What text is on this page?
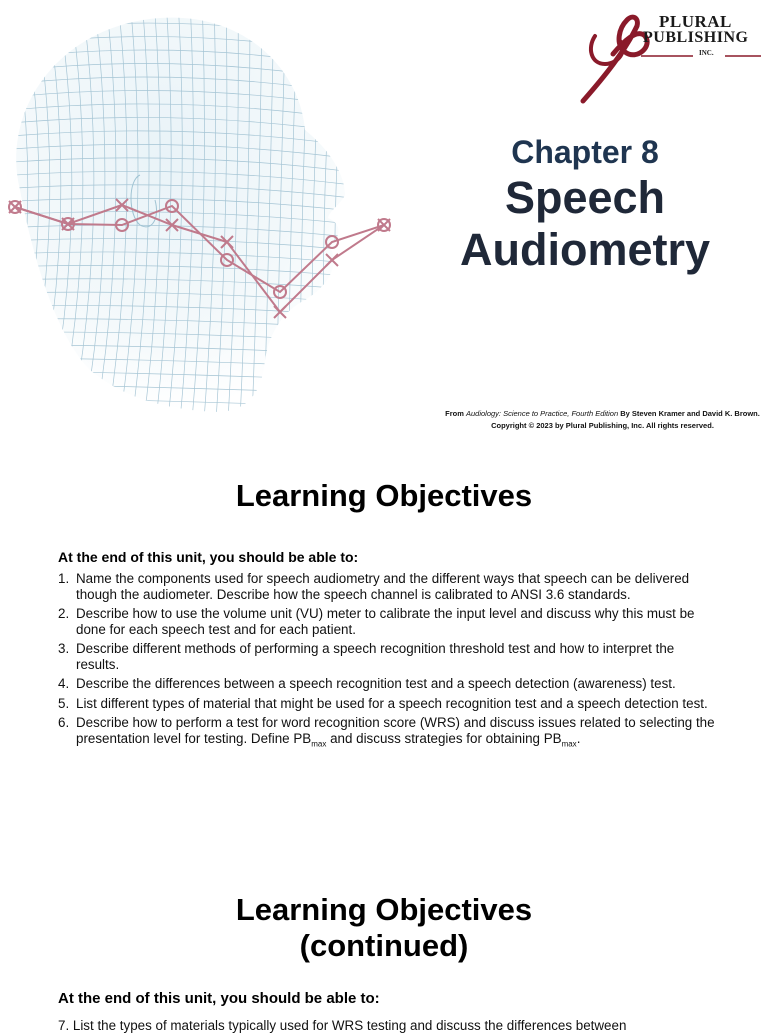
PLURAL
PUBLISHING
INC.
Chapter 8
Speech
Audiometry
From Audiology: Science to Practice, Fourth Edition By Steven Kramer and David K. Brown. Copyright © 2023 by Plural Publishing, Inc. All rights reserved.
Learning Objectives
At the end of this unit, you should be able to:
1. Name the components used for speech audiometry and the different ways that speech can be delivered though the audiometer. Describe how the speech channel is calibrated to ANSI 3.6 standards.
2. Describe how to use the volume unit (VU) meter to calibrate the input level and discuss why this must be done for each speech test and for each patient.
3. Describe different methods of performing a speech recognition threshold test and how to interpret the results.
4. Describe the differences between a speech recognition test and a speech detection (awareness) test.
5. List different types of material that might be used for a speech recognition test and a speech detection test.
6. Describe how to perform a test for word recognition score (WRS) and discuss issues related to selecting the presentation level for testing. Define $PB_{max}$ and discuss strategies for obtaining $PB_{max}$.
Learning Objectives
(continued)
At the end of this unit, you should be able to:
7. List the types of materials typically used for WRS testing and discuss the differences between
